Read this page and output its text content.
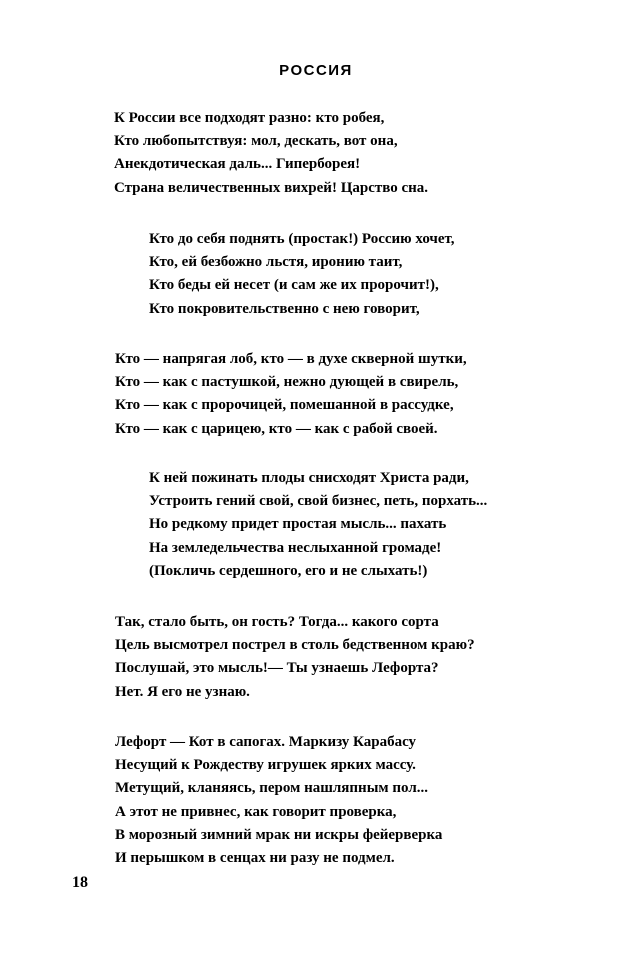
РОССИЯ
К России все подходят разно: кто робея,
Кто любопытствуя: мол, дескать, вот она,
Анекдотическая даль... Гиперборея!
Страна величественных вихрей! Царство сна.
Кто до себя поднять (простак!) Россию хочет,
Кто, ей безбожно льстя, иронию таит,
Кто беды ей несет (и сам же их пророчит!),
Кто покровительственно с нею говорит,
Кто — напрягая лоб, кто — в духе скверной шутки,
Кто — как с пастушкой, нежно дующей в свирель,
Кто — как с пророчицей, помешанной в рассудке,
Кто — как с царицею, кто — как с рабой своей.
К ней пожинать плоды снисходят Христа ради,
Устроить гений свой, свой бизнес, петь, порхать...
Но редкому придет простая мысль... пахать
На земледельчества неслыханной громаде!
(Покличь сердешного, его и не слыхать!)
Так, стало быть, он гость? Тогда... какого сорта
Цель высмотрел пострел в столь бедственном краю?
Послушай, это мысль!— Ты узнаешь Лефорта?
Нет. Я его не узнаю.
Лефорт — Кот в сапогах. Маркизу Карабасу
Несущий к Рождеству игрушек ярких массу.
Метущий, кланяясь, пером нашляпным пол...
А этот не привнес, как говорит проверка,
В морозный зимний мрак ни искры фейерверка
И перышком в сенцах ни разу не подмел.
18
